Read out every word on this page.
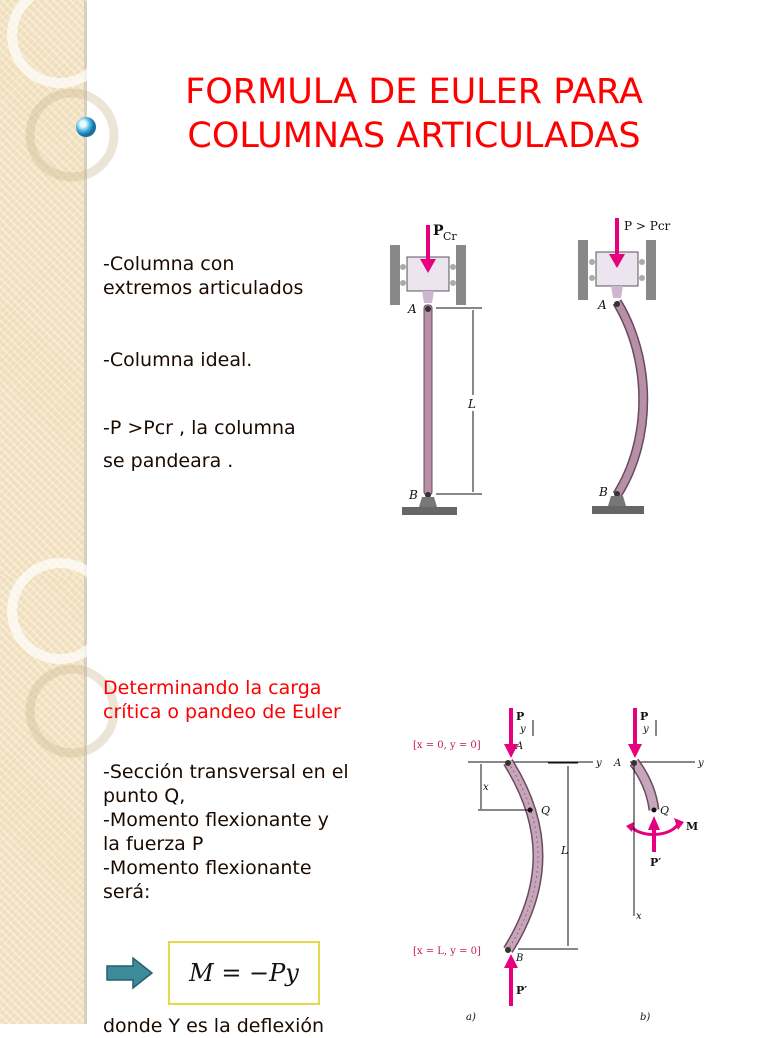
FORMULA DE EULER PARA
COLUMNAS ARTICULADAS
-Columna con
extremos articulados
-Columna ideal.
-P >Pcr , la columna
se pandeara .
P Cr
A
B
L
P > Pcr
A
B
Determinando la carga
crítica o pandeo de Euler
-Sección transversal en el
punto Q,
-Momento flexionante y
la fuerza P
-Momento flexionante
será:
M = −Py
donde Y es la deflexión
P
y
A
[x = 0, y = 0]
y
x
Q
L
[x = L, y = 0]
B
P′
a)
P
y
A	y
Q
M
P′
x
b)
